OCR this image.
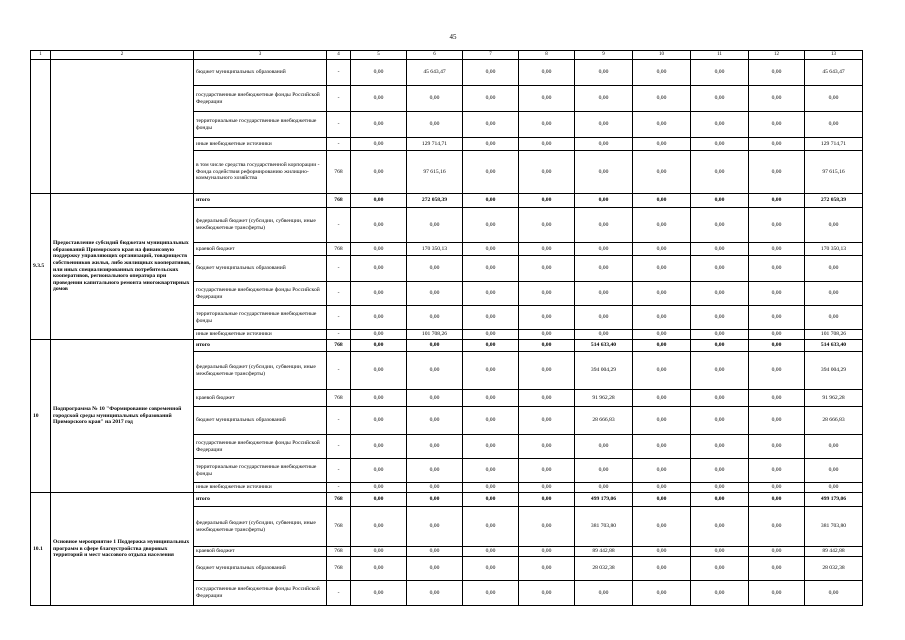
45
1	2	3	4	5	6	7	8	9	10	11	12	13
		бюджет муниципальных образований	-	0,00	45 643,47	0,00	0,00	0,00	0,00	0,00	0,00	45 643,47
		государственные внебюджетные фонды Российской Федерации	-	0,00	0,00	0,00	0,00	0,00	0,00	0,00	0,00	0,00
		территориальные государственные внебюджетные фонды	-	0,00	0,00	0,00	0,00	0,00	0,00	0,00	0,00	0,00
		иные внебюджетные источники	-	0,00	129 714,71	0,00	0,00	0,00	0,00	0,00	0,00	129 714,71
		в том числе средства государственной корпорации - Фонда содействия реформированию жилищно-коммунального хозяйства	768	0,00	97 615,16	0,00	0,00	0,00	0,00	0,00	0,00	97 615,16
9.3.5	Предоставление субсидий бюджетам муниципальных образований Приморского края на финансовую поддержку управляющих организаций, товариществ собственников жилья, либо жилищных кооперативов, или иных специализированных потребительских кооперативов, регионального оператора при проведении капитального ремонта многоквартирных домов	итого	768	0,00	272 058,39	0,00	0,00	0,00	0,00	0,00	0,00	272 058,39
		федеральный бюджет (субсидии, субвенции, иные межбюджетные трансферты)	-	0,00	0,00	0,00	0,00	0,00	0,00	0,00	0,00	0,00
		краевой бюджет	768	0,00	170 350,13	0,00	0,00	0,00	0,00	0,00	0,00	170 350,13
		бюджет муниципальных образований	-	0,00	0,00	0,00	0,00	0,00	0,00	0,00	0,00	0,00
		государственные внебюджетные фонды Российской Федерации	-	0,00	0,00	0,00	0,00	0,00	0,00	0,00	0,00	0,00
		территориальные государственные внебюджетные фонды	-	0,00	0,00	0,00	0,00	0,00	0,00	0,00	0,00	0,00
		иные внебюджетные источники	-	0,00	101 708,26	0,00	0,00	0,00	0,00	0,00	0,00	101 708,26
10	Подпрограмма № 10 "Формирование современной городской среды муниципальных образований Приморского края" на 2017 год	итого	768	0,00	0,00	0,00	0,00	514 633,40	0,00	0,00	0,00	514 633,40
		федеральный бюджет (субсидии, субвенции, иные межбюджетные трансферты)	-	0,00	0,00	0,00	0,00	394 004,29	0,00	0,00	0,00	394 004,29
		краевой бюджет	768	0,00	0,00	0,00	0,00	91 962,28	0,00	0,00	0,00	91 962,28
		бюджет муниципальных образований	-	0,00	0,00	0,00	0,00	28 666,83	0,00	0,00	0,00	28 666,83
		государственные внебюджетные фонды Российской Федерации	-	0,00	0,00	0,00	0,00	0,00	0,00	0,00	0,00	0,00
		территориальные государственные внебюджетные фонды	-	0,00	0,00	0,00	0,00	0,00	0,00	0,00	0,00	0,00
		иные внебюджетные источники	-	0,00	0,00	0,00	0,00	0,00	0,00	0,00	0,00	0,00
10.1	Основное мероприятие 1 Поддержка муниципальных программ в сфере благоустройства дворовых территорий и мест массового отдыха населения	итого	768	0,00	0,00	0,00	0,00	499 179,06	0,00	0,00	0,00	499 179,06
		федеральный бюджет (субсидии, субвенции, иные межбюджетные трансферты)	768	0,00	0,00	0,00	0,00	381 703,80	0,00	0,00	0,00	381 703,80
		краевой бюджет	768	0,00	0,00	0,00	0,00	89 442,88	0,00	0,00	0,00	89 442,88
		бюджет муниципальных образований	768	0,00	0,00	0,00	0,00	28 032,38	0,00	0,00	0,00	28 032,38
		государственные внебюджетные фонды Российской Федерации	-	0,00	0,00	0,00	0,00	0,00	0,00	0,00	0,00	0,00
